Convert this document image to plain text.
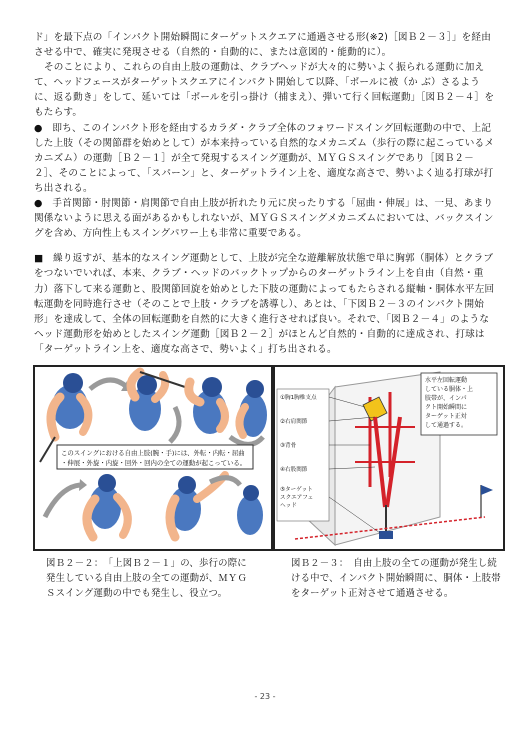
ド」を最下点の「インパクト開始瞬間にターゲットスクエアに通過させる形(※2)［図Ｂ２－３］」を経由させる中で、確実に発現させる（自然的・自動的に、または意図的・能動的に）。

そのことにより、これらの自由上肢の運動は、クラブヘッドが大々的に勢いよく振られる運動に加えて、ヘッドフェースがターゲットスクエアにインパクト開始して以降、「ボールに被（か ぶ）さるように、返る動き」をして、延いては「ボールを引っ掛け（捕まえ）、弾いて行く回転運動」［図Ｂ２－４］をもたらす。

●　即ち、このインパクト形を経由するカラダ・クラブ全体のフォワードスイング回転運動の中で、上記した上肢（その関節群を始めとして）が本来持っている自然的なメカニズム（歩行の際に起こっているメカニズム）の運動［Ｂ２－１］が全て発現するスイング運動が、ＭＹＧＳスイングであり［図Ｂ２－２］、そのことによって、「スパーン」と、ターゲットライン上を、適度な高さで、勢いよく辿る打球が打ち出される。

●　手首関節・肘関節・肩関節で自由上肢が折れたり元に戻ったりする「屈曲・伸展」は、一見、あまり関係ないように思える面があるかもしれないが、ＭＹＧＳスイングメカニズムにおいては、バックスイングを含め、方向性上もスイングパワー上も非常に重要である。

■　繰り返すが、基本的なスイング運動として、上肢が完全な遊離解放状態で単に胸郭（胴体）とクラブをつないでいれば、本来、クラブ・ヘッドのバックトップからのターゲットライン上を自由（自然・重力）落下して来る運動と、股関節回旋を始めとした下肢の運動によってもたらされる縦軸・胴体水平左回転運動を同時進行させ（そのことで上肢・クラブを誘導し）、あとは、「下図Ｂ２－３のインパクト開始形」を達成して、全体の回転運動を自然的に大きく進行させれば良い。それで、「図Ｂ２－４」のようなヘッド運動形を始めとしたスイング運動［図Ｂ２－２］がほとんど自然的・自動的に達成され、打球は「ターゲットライン上を、適度な高さで、勢いよく」打ち出される。

このスイングにおける自由上肢(腕・手)には、外転・内転・屈曲
・伸展・外旋・内旋・回外・回内の全ての運動が起こっている。
水平左回転運動
している胴体・上
肢帯が、インパ
クト開始瞬間に
ターゲット正対
して通過する。
①胸1胸椎支点
②右肩関節
③背骨
④右股関節
⑤ターゲット
スクエアフェ
ヘッド
図Ｂ２－２：　「上図Ｂ２－１」の、歩行の際に発生している自由上肢の全ての運動が、ＭＹＧＳスイング運動の中でも発生し、役立つ。
図Ｂ２－３：　自由上肢の全ての運動が発生し続ける中で、インパクト開始瞬間に、胴体・上肢帯をターゲット正対させて通過させる。
- 23 -
